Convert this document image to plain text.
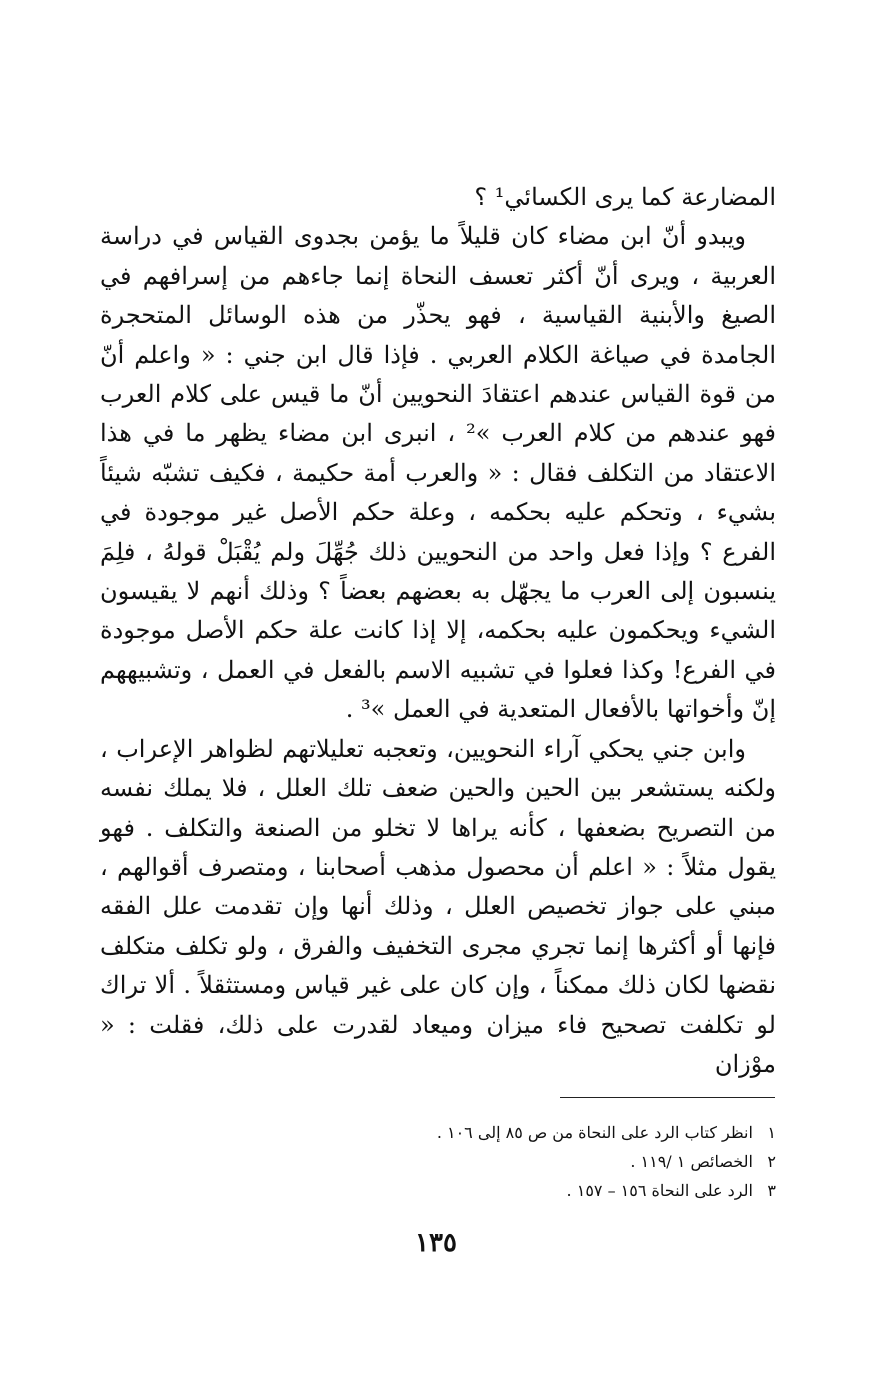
المضارعة كما يرى الكسائي¹ ؟

ويبدو أنّ ابن مضاء كان قليلاً ما يؤمن بجدوى القياس في دراسة العربية ، ويرى أنّ أكثر تعسف النحاة إنما جاءهم من إسرافهم في الصيغ والأبنية القياسية ، فهو يحذّر من هذه الوسائل المتحجرة الجامدة في صياغة الكلام العربي . فإذا قال ابن جني : « واعلم أنّ من قوة القياس عندهم اعتقادَ النحويين أنّ ما قيس على كلام العرب فهو عندهم من كلام العرب »² ، انبرى ابن مضاء يظهر ما في هذا الاعتقاد من التكلف فقال : « والعرب أمة حكيمة ، فكيف تشبّه شيئاً بشيء ، وتحكم عليه بحكمه ، وعلة حكم الأصل غير موجودة في الفرع ؟ وإذا فعل واحد من النحويين ذلك جُهِّلَ ولم يُقْبَلْ قولهُ ، فلِمَ ينسبون إلى العرب ما يجهّل به بعضهم بعضاً ؟ وذلك أنهم لا يقيسون الشيء ويحكمون عليه بحكمه، إلا إذا كانت علة حكم الأصل موجودة في الفرع! وكذا فعلوا في تشبيه الاسم بالفعل في العمل ، وتشبيههم إنّ وأخواتها بالأفعال المتعدية في العمل »³ .

وابن جني يحكي آراء النحويين، وتعجبه تعليلاتهم لظواهر الإعراب ، ولكنه يستشعر بين الحين والحين ضعف تلك العلل ، فلا يملك نفسه من التصريح بضعفها ، كأنه يراها لا تخلو من الصنعة والتكلف . فهو يقول مثلاً : « اعلم أن محصول مذهب أصحابنا ، ومتصرف أقوالهم ، مبني على جواز تخصيص العلل ، وذلك أنها وإن تقدمت علل الفقه فإنها أو أكثرها إنما تجري مجرى التخفيف والفرق ، ولو تكلف متكلف نقضها لكان ذلك ممكناً ، وإن كان على غير قياس ومستثقلاً . ألا تراك لو تكلفت تصحيح فاء ميزان وميعاد لقدرت على ذلك، فقلت : « موْزان

١ انظر كتاب الرد على النحاة من ص ٨٥ إلى ١٠٦ .
٢ الخصائص ١ /١١٩ .
٣ الرد على النحاة ١٥٦ – ١٥٧ .
١٣٥
